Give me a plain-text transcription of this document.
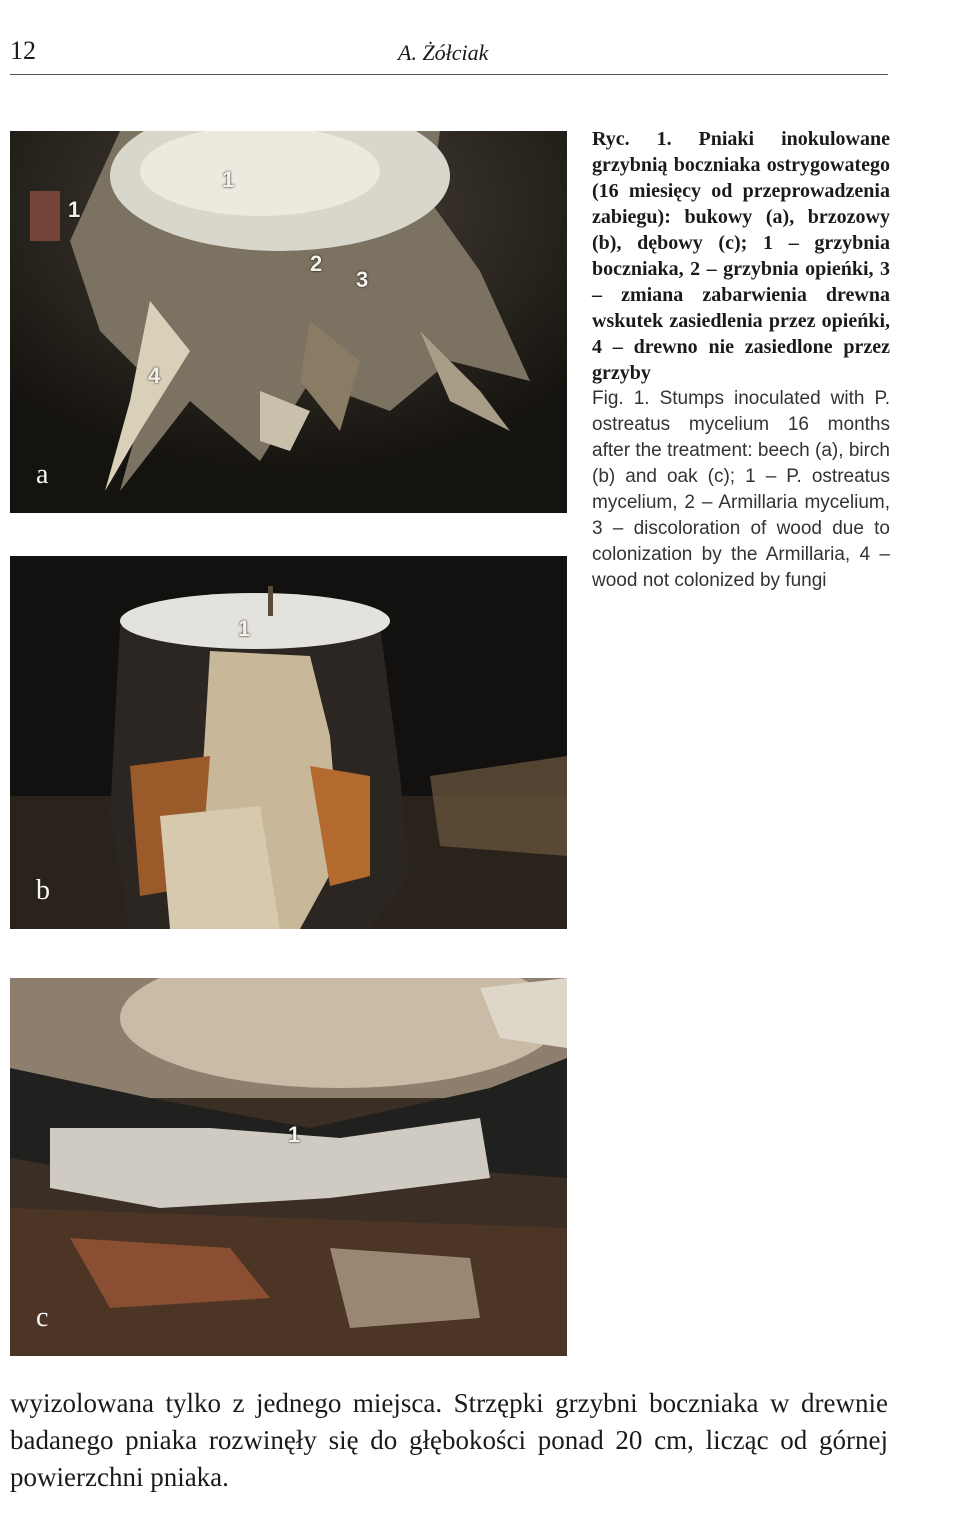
12	A. Żółciak
1
1
2
3
4
a
1
b
1
c

Ryc. 1. Pniaki inokulowane grzybnią boczniaka ostrygowatego (16 miesięcy od przeprowadzenia zabiegu): bukowy (a), brzozowy (b), dębowy (c); 1 – grzybnia boczniaka, 2 – grzybnia opieńki, 3 – zmiana zabarwienia drewna wskutek zasiedlenia przez opieńki, 4 – drewno nie zasiedlone przez grzyby

Fig. 1. Stumps inoculated with P. ostreatus mycelium 16 months after the treatment: beech (a), birch (b) and oak (c); 1 – P. ostreatus mycelium, 2 – Armillaria mycelium, 3 – discoloration of wood due to colonization by the Armillaria, 4 – wood not colonized by fungi

wyizolowana tylko z jednego miejsca. Strzępki grzybni boczniaka w drewnie badanego pniaka rozwinęły się do głębokości ponad 20 cm, licząc od górnej powierzchni pniaka.
